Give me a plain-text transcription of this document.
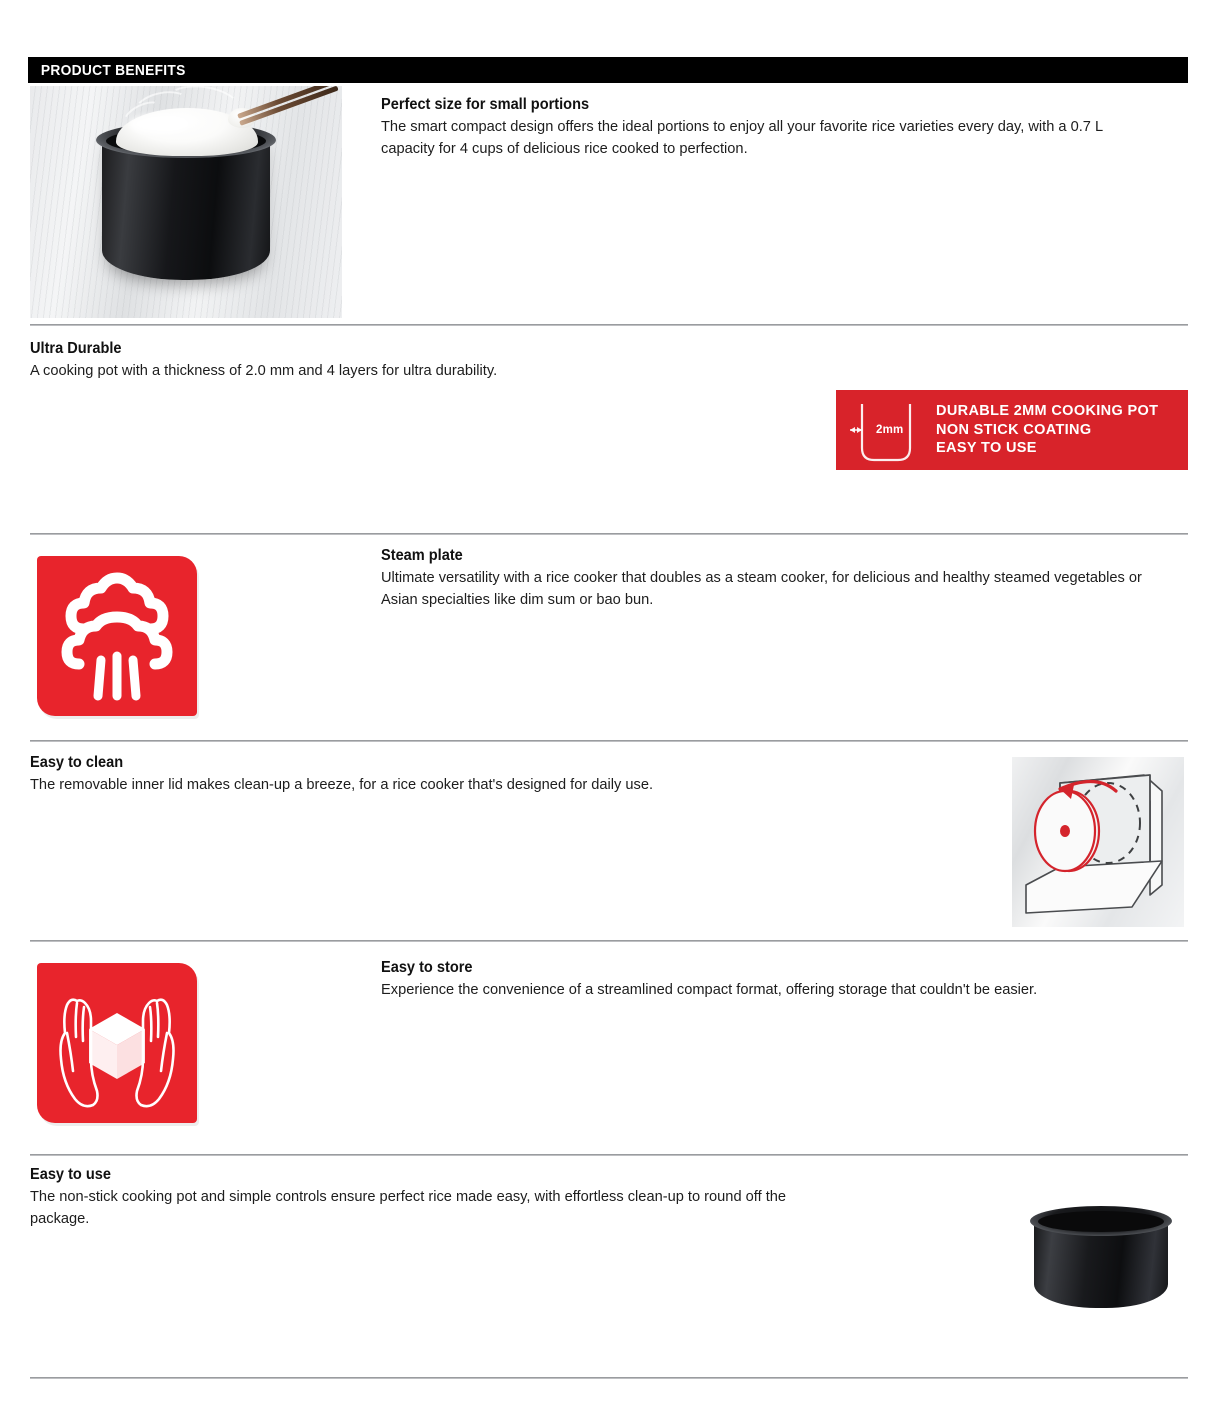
PRODUCT BENEFITS
Perfect size for small portions
The smart compact design offers the ideal portions to enjoy all your favorite rice varieties every day, with a 0.7 L capacity for 4 cups of delicious rice cooked to perfection.
Ultra Durable
A cooking pot with a thickness of 2.0 mm and 4 layers for ultra durability.
2mm
DURABLE 2MM COOKING POT
NON STICK COATING
EASY TO USE
Steam plate
Ultimate versatility with a rice cooker that doubles as a steam cooker, for delicious and healthy steamed vegetables or Asian specialties like dim sum or bao bun.
Easy to clean
The removable inner lid makes clean-up a breeze, for a rice cooker that's designed for daily use.
Easy to store
Experience the convenience of a streamlined compact format, offering storage that couldn't be easier.
Easy to use
The non-stick cooking pot and simple controls ensure perfect rice made easy, with effortless clean-up to round off the package.
